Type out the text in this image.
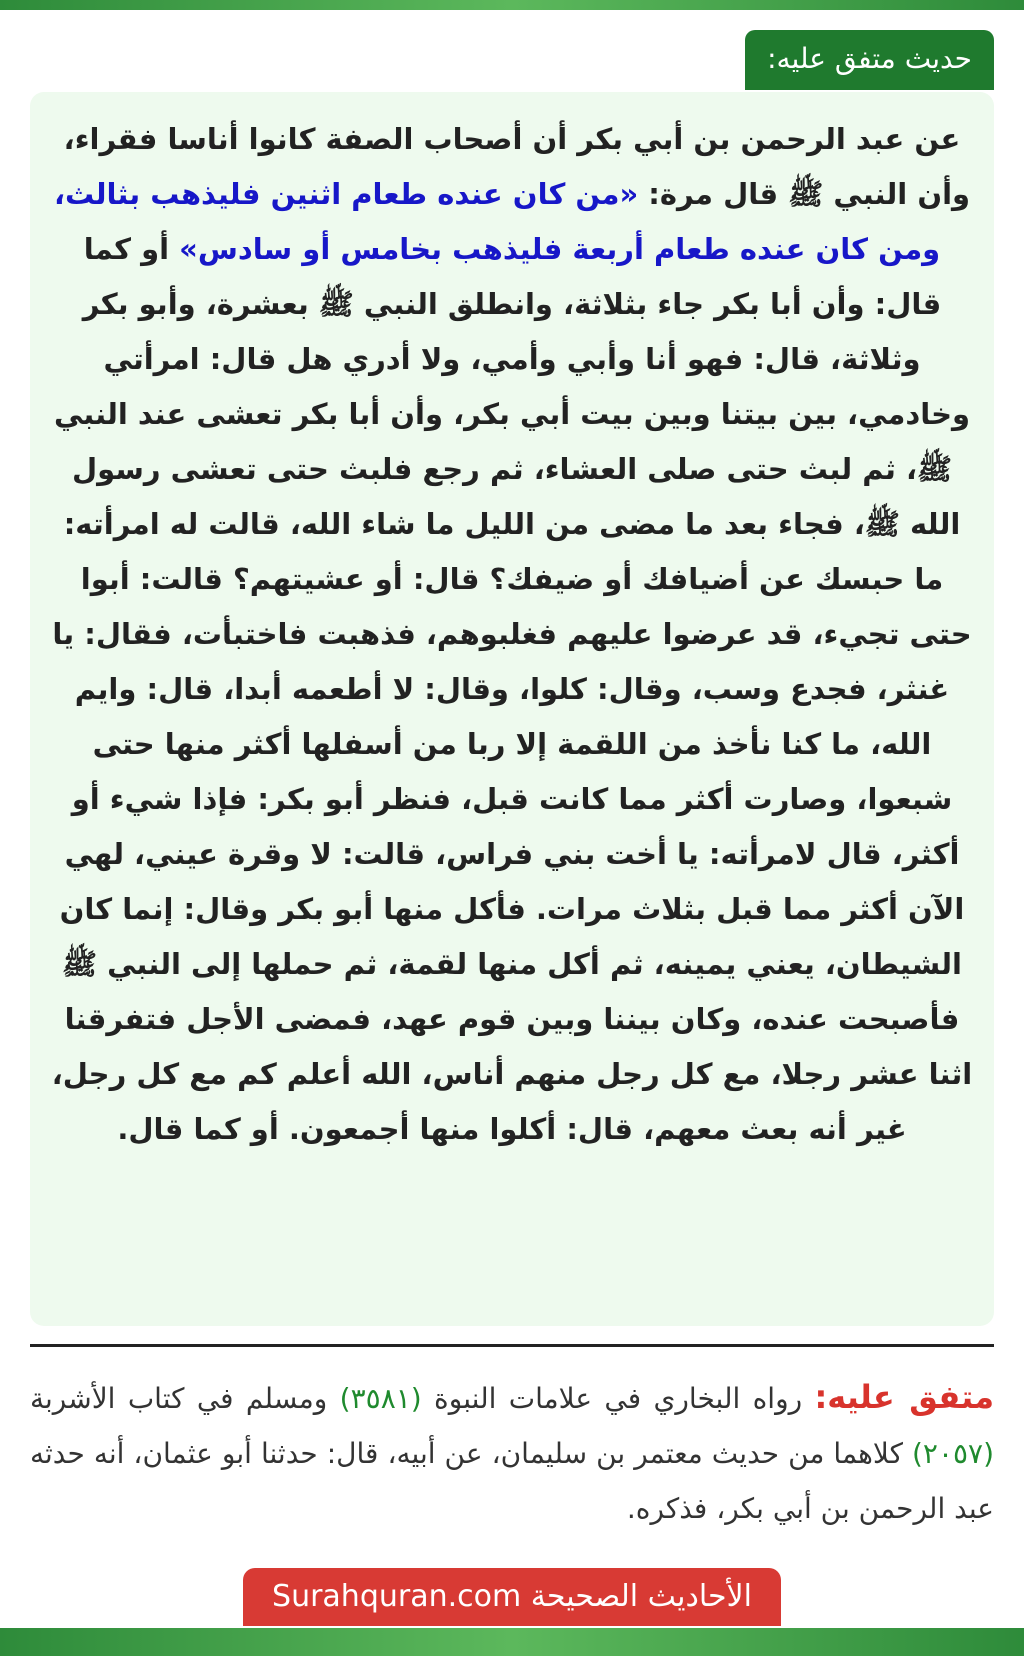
حديث متفق عليه:

عن عبد الرحمن بن أبي بكر أن أصحاب الصفة كانوا أناسا فقراء، وأن النبي ﷺ قال مرة: «من كان عنده طعام اثنين فليذهب بثالث، ومن كان عنده طعام أربعة فليذهب بخامس أو سادس» أو كما قال: وأن أبا بكر جاء بثلاثة، وانطلق النبي ﷺ بعشرة، وأبو بكر وثلاثة، قال: فهو أنا وأبي وأمي، ولا أدري هل قال: امرأتي وخادمي، بين بيتنا وبين بيت أبي بكر، وأن أبا بكر تعشى عند النبي ﷺ، ثم لبث حتى صلى العشاء، ثم رجع فلبث حتى تعشى رسول الله ﷺ، فجاء بعد ما مضى من الليل ما شاء الله، قالت له امرأته: ما حبسك عن أضيافك أو ضيفك؟ قال: أو عشيتهم؟ قالت: أبوا حتى تجيء، قد عرضوا عليهم فغلبوهم، فذهبت فاختبأت، فقال: يا غنثر، فجدع وسب، وقال: كلوا، وقال: لا أطعمه أبدا، قال: وايم الله، ما كنا نأخذ من اللقمة إلا ربا من أسفلها أكثر منها حتى شبعوا، وصارت أكثر مما كانت قبل، فنظر أبو بكر: فإذا شيء أو أكثر، قال لامرأته: يا أخت بني فراس، قالت: لا وقرة عيني، لهي الآن أكثر مما قبل بثلاث مرات. فأكل منها أبو بكر وقال: إنما كان الشيطان، يعني يمينه، ثم أكل منها لقمة، ثم حملها إلى النبي ﷺ فأصبحت عنده، وكان بيننا وبين قوم عهد، فمضى الأجل فتفرقنا اثنا عشر رجلا، مع كل رجل منهم أناس، الله أعلم كم مع كل رجل، غير أنه بعث معهم، قال: أكلوا منها أجمعون. أو كما قال.

متفق عليه: رواه البخاري في علامات النبوة (٣٥٨١) ومسلم في كتاب الأشربة (٢٠٥٧) كلاهما من حديث معتمر بن سليمان، عن أبيه، قال: حدثنا أبو عثمان، أنه حدثه عبد الرحمن بن أبي بكر، فذكره.

الأحاديث الصحيحة Surahquran.com
